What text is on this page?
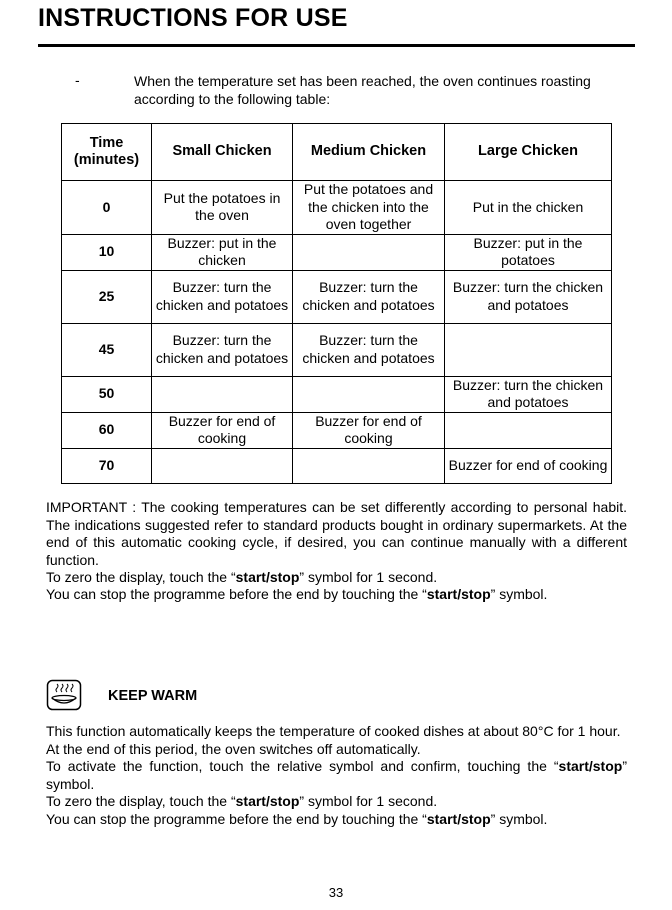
INSTRUCTIONS FOR USE
-	When the temperature set has been reached, the oven continues roasting according to the following table:
Time (minutes)	Small Chicken	Medium Chicken	Large Chicken
0	Put the potatoes in the oven	Put the potatoes and the chicken into the oven together	Put in the chicken
10	Buzzer: put in the chicken		Buzzer: put in the potatoes
25	Buzzer: turn the chicken and potatoes	Buzzer: turn the chicken and potatoes	Buzzer: turn the chicken and potatoes
45	Buzzer: turn the chicken and potatoes	Buzzer: turn the chicken and potatoes	
50			Buzzer: turn the chicken and potatoes
60	Buzzer for end of cooking	Buzzer for end of cooking	
70			Buzzer for end of cooking
IMPORTANT : The cooking temperatures can be set differently according to personal habit. The indications suggested refer to standard products bought in ordinary supermarkets. At the end of this automatic cooking cycle, if desired, you can continue manually with a different function.
To zero the display, touch the “start/stop” symbol for 1 second.
You can stop the programme before the end by touching the “start/stop” symbol.
KEEP WARM
This function automatically keeps the temperature of cooked dishes at about 80°C for 1 hour. At the end of this period, the oven switches off automatically.
To activate the function, touch the relative symbol and confirm, touching the “start/stop” symbol.
To zero the display, touch the “start/stop” symbol for 1 second.
You can stop the programme before the end by touching the “start/stop” symbol.
33
